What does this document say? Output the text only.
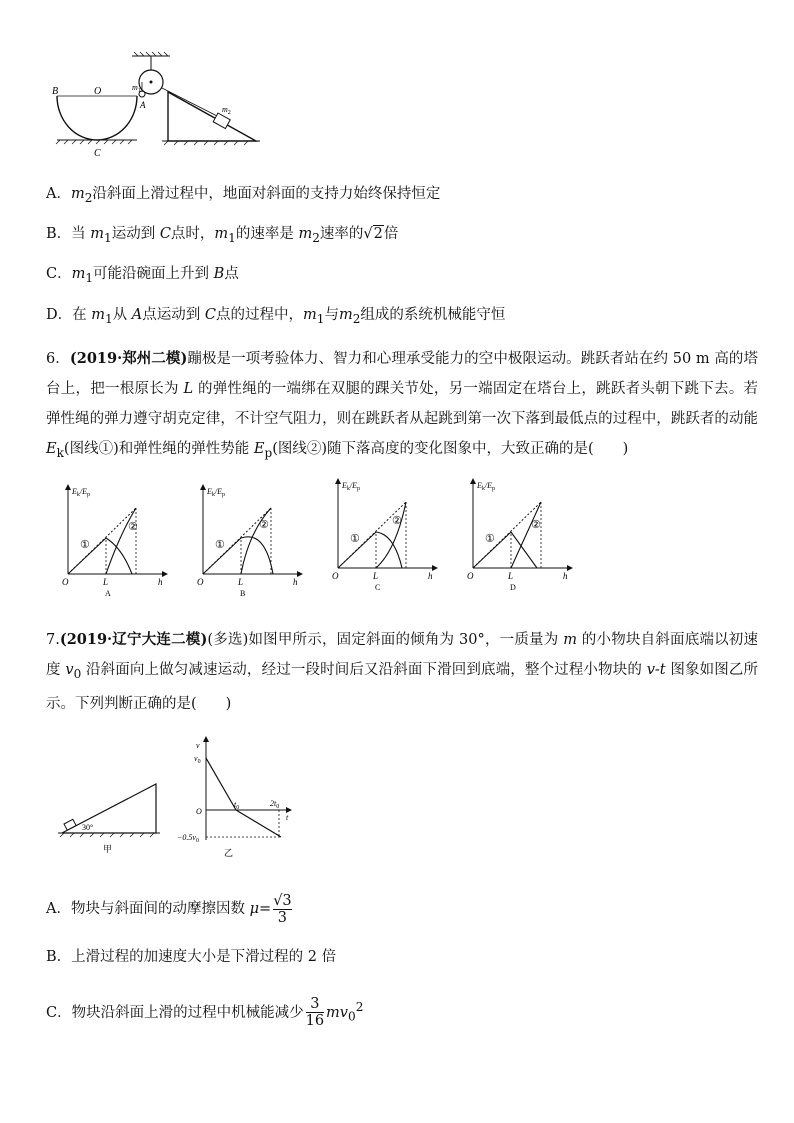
B	O
A
C
$m_1$
$m_2$
A．$m_2$沿斜面上滑过程中，地面对斜面的支持力始终保持恒定
B．当 $m_1$运动到 C点时，$m_1$的速率是 $m_2$速率的√2倍
C．$m_1$可能沿碗面上升到 B点
D．在 $m_1$从 A点运动到 C点的过程中，$m_1$与$m_2$组成的系统机械能守恒
6．(2019·郑州二模)蹦极是一项考验体力、智力和心理承受能力的空中极限运动。跳跃者站在约 50 m 高的塔台上，把一根原长为 L 的弹性绳的一端绑在双腿的踝关节处，另一端固定在塔台上，跳跃者头朝下跳下去。若弹性绳的弹力遵守胡克定律，不计空气阻力，则在跳跃者从起跳到第一次下落到最低点的过程中，跳跃者的动能 $E_k$(图线①)和弹性绳的弹性势能 $E_p$(图线②)随下落高度的变化图象中，大致正确的是(　　)
$E_k/E_p$
O	L	h
①
②
A
$E_k/E_p$
O	L	h
①
②
B
$E_k/E_p$
O	L	h
①
②
C
$E_k/E_p$
O	L	h
①
②
D
7.(2019·辽宁大连二模)(多选)如图甲所示，固定斜面的倾角为 30°，一质量为 m 的小物块自斜面底端以初速度 $v_0$ 沿斜面向上做匀减速运动，经过一段时间后又沿斜面下滑回到底端，整个过程小物块的 v-t 图象如图乙所示。下列判断正确的是(　　)
30°
甲
v
$v_0$
O
$t_0$	$2t_0$
t
$-0.5v_0$
乙
A．物块与斜面间的动摩擦因数 $\mu= \frac{√3}{3}$
B．上滑过程的加速度大小是下滑过程的 2 倍
C．物块沿斜面上滑的过程中机械能减少 $\frac{3}{16} mv_0^2$
